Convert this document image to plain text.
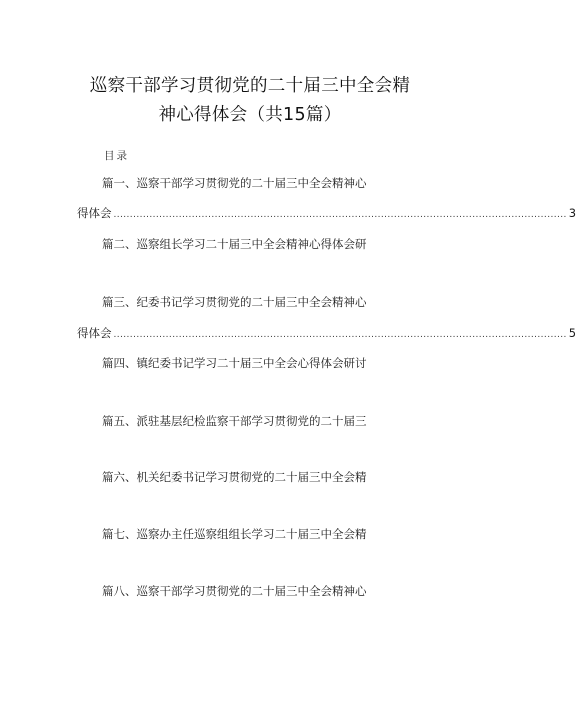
巡察干部学习贯彻党的二十届三中全会精
神心得体会（共15篇）
目录
篇一、巡察干部学习贯彻党的二十届三中全会精神心
得体会 ........................................................................................................................................... 3
篇二、巡察组长学习二十届三中全会精神心得体会研
篇三、纪委书记学习贯彻党的二十届三中全会精神心
得体会 ........................................................................................................................................... 5
篇四、镇纪委书记学习二十届三中全会心得体会研讨
篇五、派驻基层纪检监察干部学习贯彻党的二十届三
篇六、机关纪委书记学习贯彻党的二十届三中全会精
篇七、巡察办主任巡察组组长学习二十届三中全会精
篇八、巡察干部学习贯彻党的二十届三中全会精神心
